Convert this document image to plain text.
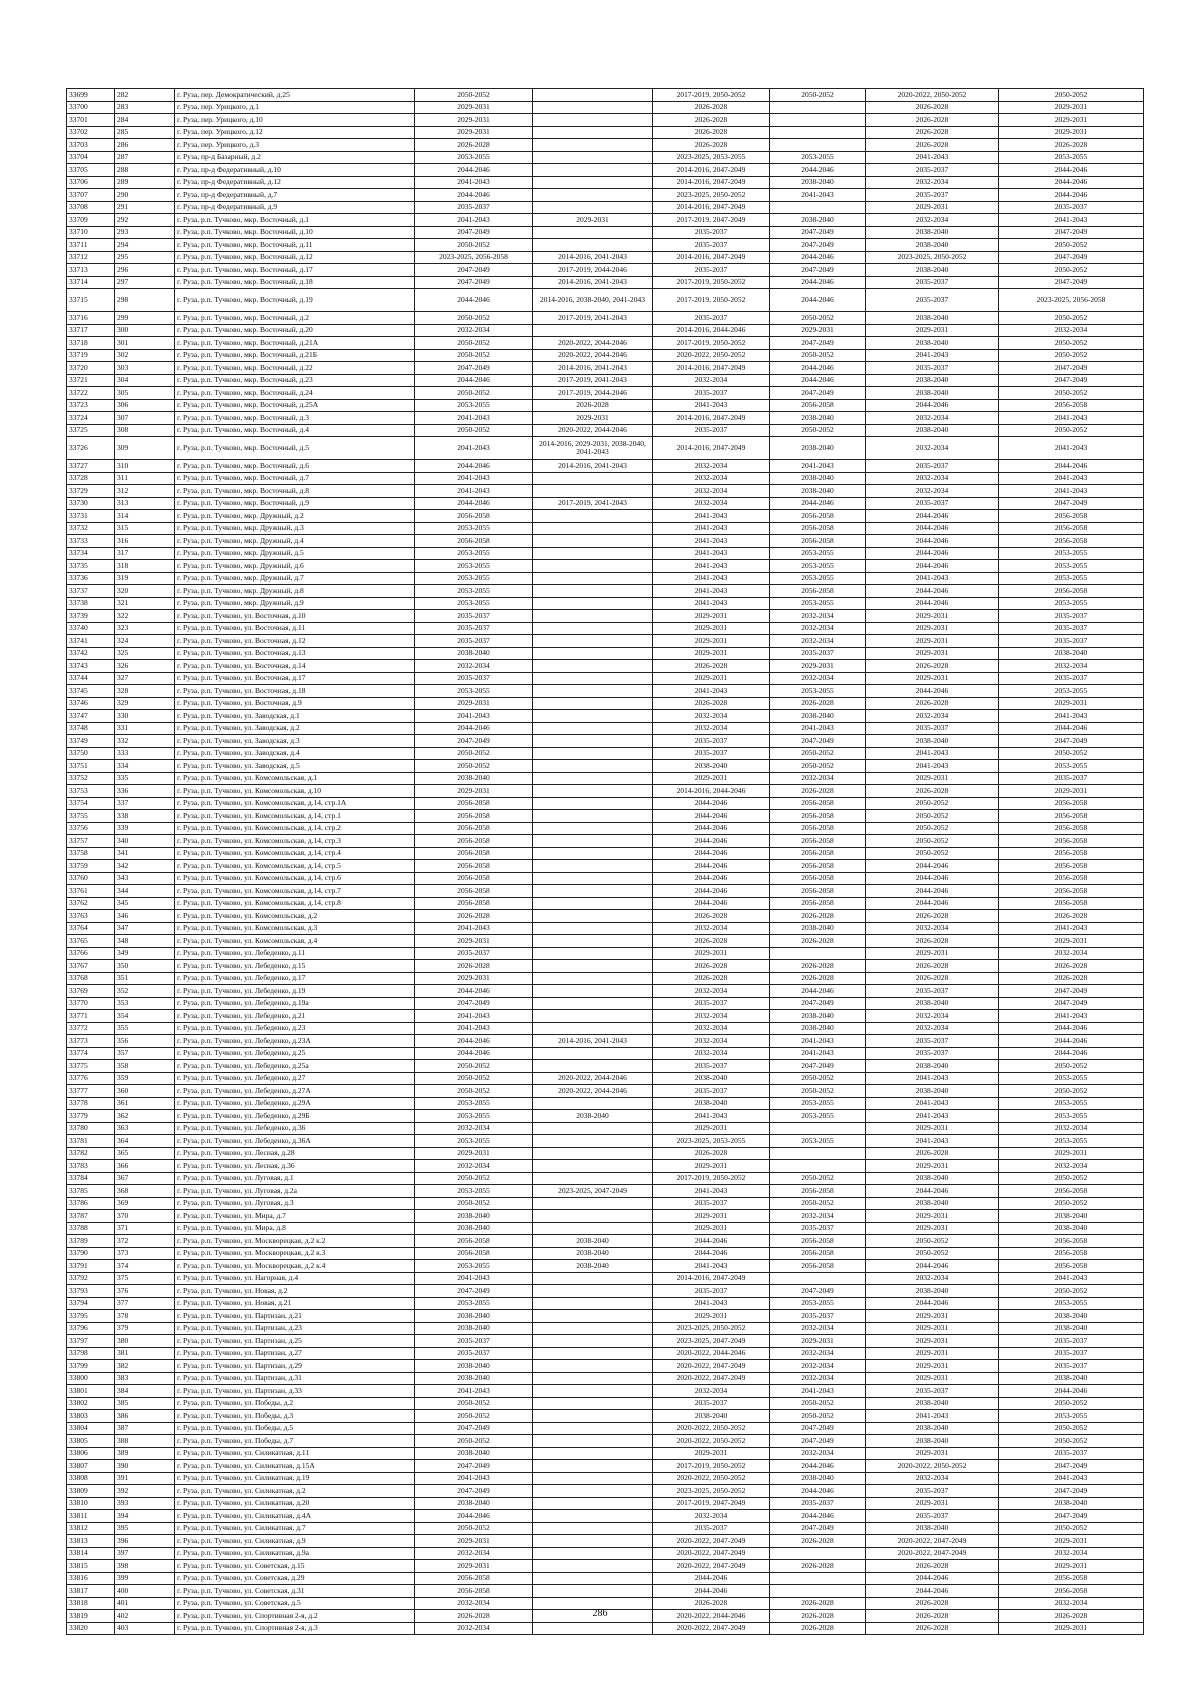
33699	282	г. Руза, пер. Демократический, д.25	2050-2052		2017-2019, 2050-2052	2050-2052	2020-2022, 2050-2052	2050-2052
33700	283	г. Руза, пер. Урицкого, д.1	2029-2031		2026-2028		2026-2028	2029-2031
33701	284	г. Руза, пер. Урицкого, д.10	2029-2031		2026-2028		2026-2028	2029-2031
33702	285	г. Руза, пер. Урицкого, д.12	2029-2031		2026-2028		2026-2028	2029-2031
33703	286	г. Руза, пер. Урицкого, д.3	2026-2028		2026-2028		2026-2028	2026-2028
33704	287	г. Руза, пр-д Базарный, д.2	2053-2055		2023-2025, 2053-2055	2053-2055	2041-2043	2053-2055
33705	288	г. Руза, пр-д Федеративный, д.10	2044-2046		2014-2016, 2047-2049	2044-2046	2035-2037	2044-2046
33706	289	г. Руза, пр-д Федеративный, д.12	2041-2043		2014-2016, 2047-2049	2038-2040	2032-2034	2044-2046
33707	290	г. Руза, пр-д Федеративный, д.7	2044-2046		2023-2025, 2050-2052	2041-2043	2035-2037	2044-2046
33708	291	г. Руза, пр-д Федеративный, д.9	2035-2037		2014-2016, 2047-2049		2029-2031	2035-2037
33709	292	г. Руза, р.п. Тучково, мкр. Восточный, д.1	2041-2043	2029-2031	2017-2019, 2047-2049	2038-2040	2032-2034	2041-2043
33710	293	г. Руза, р.п. Тучково, мкр. Восточный, д.10	2047-2049		2035-2037	2047-2049	2038-2040	2047-2049
33711	294	г. Руза, р.п. Тучково, мкр. Восточный, д.11	2050-2052		2035-2037	2047-2049	2038-2040	2050-2052
33712	295	г. Руза, р.п. Тучково, мкр. Восточный, д.12	2023-2025, 2056-2058	2014-2016, 2041-2043	2014-2016, 2047-2049	2044-2046	2023-2025, 2050-2052	2047-2049
33713	296	г. Руза, р.п. Тучково, мкр. Восточный, д.17	2047-2049	2017-2019, 2044-2046	2035-2037	2047-2049	2038-2040	2050-2052
33714	297	г. Руза, р.п. Тучково, мкр. Восточный, д.18	2047-2049	2014-2016, 2041-2043	2017-2019, 2050-2052	2044-2046	2035-2037	2047-2049
33715	298	г. Руза, р.п. Тучково, мкр. Восточный, д.19	2044-2046	2014-2016, 2038-2040, 2041-2043	2017-2019, 2050-2052	2044-2046	2035-2037	2023-2025, 2056-2058
33716	299	г. Руза, р.п. Тучково, мкр. Восточный, д.2	2050-2052	2017-2019, 2041-2043	2035-2037	2050-2052	2038-2040	2050-2052
33717	300	г. Руза, р.п. Тучково, мкр. Восточный, д.20	2032-2034		2014-2016, 2044-2046	2029-2031	2029-2031	2032-2034
33718	301	г. Руза, р.п. Тучково, мкр. Восточный, д.21А	2050-2052	2020-2022, 2044-2046	2017-2019, 2050-2052	2047-2049	2038-2040	2050-2052
33719	302	г. Руза, р.п. Тучково, мкр. Восточный, д.21Б	2050-2052	2020-2022, 2044-2046	2020-2022, 2050-2052	2050-2052	2041-2043	2050-2052
33720	303	г. Руза, р.п. Тучково, мкр. Восточный, д.22	2047-2049	2014-2016, 2041-2043	2014-2016, 2047-2049	2044-2046	2035-2037	2047-2049
33721	304	г. Руза, р.п. Тучково, мкр. Восточный, д.23	2044-2046	2017-2019, 2041-2043	2032-2034	2044-2046	2038-2040	2047-2049
33722	305	г. Руза, р.п. Тучково, мкр. Восточный, д.24	2050-2052	2017-2019, 2044-2046	2035-2037	2047-2049	2038-2040	2050-2052
33723	306	г. Руза, р.п. Тучково, мкр. Восточный, д.25А	2053-2055	2026-2028	2041-2043	2056-2058	2044-2046	2056-2058
33724	307	г. Руза, р.п. Тучково, мкр. Восточный, д.3	2041-2043	2029-2031	2014-2016, 2047-2049	2038-2040	2032-2034	2041-2043
33725	308	г. Руза, р.п. Тучково, мкр. Восточный, д.4	2050-2052	2020-2022, 2044-2046	2035-2037	2050-2052	2038-2040	2050-2052
33726	309	г. Руза, р.п. Тучково, мкр. Восточный, д.5	2041-2043	2014-2016, 2029-2031, 2038-2040, 2041-2043	2014-2016, 2047-2049	2038-2040	2032-2034	2041-2043
33727	310	г. Руза, р.п. Тучково, мкр. Восточный, д.6	2044-2046	2014-2016, 2041-2043	2032-2034	2041-2043	2035-2037	2044-2046
33728	311	г. Руза, р.п. Тучково, мкр. Восточный, д.7	2041-2043		2032-2034	2038-2040	2032-2034	2041-2043
33729	312	г. Руза, р.п. Тучково, мкр. Восточный, д.8	2041-2043		2032-2034	2038-2040	2032-2034	2041-2043
33730	313	г. Руза, р.п. Тучково, мкр. Восточный, д.9	2044-2046	2017-2019, 2041-2043	2032-2034	2044-2046	2035-2037	2047-2049
33731	314	г. Руза, р.п. Тучково, мкр. Дружный, д.2	2056-2058		2041-2043	2056-2058	2044-2046	2056-2058
33732	315	г. Руза, р.п. Тучково, мкр. Дружный, д.3	2053-2055		2041-2043	2056-2058	2044-2046	2056-2058
33733	316	г. Руза, р.п. Тучково, мкр. Дружный, д.4	2056-2058		2041-2043	2056-2058	2044-2046	2056-2058
33734	317	г. Руза, р.п. Тучково, мкр. Дружный, д.5	2053-2055		2041-2043	2053-2055	2044-2046	2053-2055
33735	318	г. Руза, р.п. Тучково, мкр. Дружный, д.6	2053-2055		2041-2043	2053-2055	2044-2046	2053-2055
33736	319	г. Руза, р.п. Тучково, мкр. Дружный, д.7	2053-2055		2041-2043	2053-2055	2041-2043	2053-2055
33737	320	г. Руза, р.п. Тучково, мкр. Дружный, д.8	2053-2055		2041-2043	2056-2058	2044-2046	2056-2058
33738	321	г. Руза, р.п. Тучково, мкр. Дружный, д.9	2053-2055		2041-2043	2053-2055	2044-2046	2053-2055
33739	322	г. Руза, р.п. Тучково, ул. Восточная, д.10	2035-2037		2029-2031	2032-2034	2029-2031	2035-2037
33740	323	г. Руза, р.п. Тучково, ул. Восточная, д.11	2035-2037		2029-2031	2032-2034	2029-2031	2035-2037
33741	324	г. Руза, р.п. Тучково, ул. Восточная, д.12	2035-2037		2029-2031	2032-2034	2029-2031	2035-2037
33742	325	г. Руза, р.п. Тучково, ул. Восточная, д.13	2038-2040		2029-2031	2035-2037	2029-2031	2038-2040
33743	326	г. Руза, р.п. Тучково, ул. Восточная, д.14	2032-2034		2026-2028	2029-2031	2026-2028	2032-2034
33744	327	г. Руза, р.п. Тучково, ул. Восточная, д.17	2035-2037		2029-2031	2032-2034	2029-2031	2035-2037
33745	328	г. Руза, р.п. Тучково, ул. Восточная, д.18	2053-2055		2041-2043	2053-2055	2044-2046	2053-2055
33746	329	г. Руза, р.п. Тучково, ул. Восточная, д.9	2029-2031		2026-2028	2026-2028	2026-2028	2029-2031
33747	330	г. Руза, р.п. Тучково, ул. Заводская, д.1	2041-2043		2032-2034	2038-2040	2032-2034	2041-2043
33748	331	г. Руза, р.п. Тучково, ул. Заводская, д.2	2044-2046		2032-2034	2041-2043	2035-2037	2044-2046
33749	332	г. Руза, р.п. Тучково, ул. Заводская, д.3	2047-2049		2035-2037	2047-2049	2038-2040	2047-2049
33750	333	г. Руза, р.п. Тучково, ул. Заводская, д.4	2050-2052		2035-2037	2050-2052	2041-2043	2050-2052
33751	334	г. Руза, р.п. Тучково, ул. Заводская, д.5	2050-2052		2038-2040	2050-2052	2041-2043	2053-2055
33752	335	г. Руза, р.п. Тучково, ул. Комсомольская, д.1	2038-2040		2029-2031	2032-2034	2029-2031	2035-2037
33753	336	г. Руза, р.п. Тучково, ул. Комсомольская, д.10	2029-2031		2014-2016, 2044-2046	2026-2028	2026-2028	2029-2031
33754	337	г. Руза, р.п. Тучково, ул. Комсомольская, д.14, стр.1А	2056-2058		2044-2046	2056-2058	2050-2052	2056-2058
33755	338	г. Руза, р.п. Тучково, ул. Комсомольская, д.14, стр.1	2056-2058		2044-2046	2056-2058	2050-2052	2056-2058
33756	339	г. Руза, р.п. Тучково, ул. Комсомольская, д.14, стр.2	2056-2058		2044-2046	2056-2058	2050-2052	2056-2058
33757	340	г. Руза, р.п. Тучково, ул. Комсомольская, д.14, стр.3	2056-2058		2044-2046	2056-2058	2050-2052	2056-2058
33758	341	г. Руза, р.п. Тучково, ул. Комсомольская, д.14, стр.4	2056-2058		2044-2046	2056-2058	2050-2052	2056-2058
33759	342	г. Руза, р.п. Тучково, ул. Комсомольская, д.14, стр.5	2056-2058		2044-2046	2056-2058	2044-2046	2056-2058
33760	343	г. Руза, р.п. Тучково, ул. Комсомольская, д.14, стр.6	2056-2058		2044-2046	2056-2058	2044-2046	2056-2058
33761	344	г. Руза, р.п. Тучково, ул. Комсомольская, д.14, стр.7	2056-2058		2044-2046	2056-2058	2044-2046	2056-2058
33762	345	г. Руза, р.п. Тучково, ул. Комсомольская, д.14, стр.8	2056-2058		2044-2046	2056-2058	2044-2046	2056-2058
33763	346	г. Руза, р.п. Тучково, ул. Комсомольская, д.2	2026-2028		2026-2028	2026-2028	2026-2028	2026-2028
33764	347	г. Руза, р.п. Тучково, ул. Комсомольская, д.3	2041-2043		2032-2034	2038-2040	2032-2034	2041-2043
33765	348	г. Руза, р.п. Тучково, ул. Комсомольская, д.4	2029-2031		2026-2028	2026-2028	2026-2028	2029-2031
33766	349	г. Руза, р.п. Тучково, ул. Лебеденко, д.11	2035-2037		2029-2031		2029-2031	2032-2034
33767	350	г. Руза, р.п. Тучково, ул. Лебеденко, д.15	2026-2028		2026-2028	2026-2028	2026-2028	2026-2028
33768	351	г. Руза, р.п. Тучково, ул. Лебеденко, д.17	2029-2031		2026-2028	2026-2028	2026-2028	2026-2028
33769	352	г. Руза, р.п. Тучково, ул. Лебеденко, д.19	2044-2046		2032-2034	2044-2046	2035-2037	2047-2049
33770	353	г. Руза, р.п. Тучково, ул. Лебеденко, д.19а	2047-2049		2035-2037	2047-2049	2038-2040	2047-2049
33771	354	г. Руза, р.п. Тучково, ул. Лебеденко, д.21	2041-2043		2032-2034	2038-2040	2032-2034	2041-2043
33772	355	г. Руза, р.п. Тучково, ул. Лебеденко, д.23	2041-2043		2032-2034	2038-2040	2032-2034	2044-2046
33773	356	г. Руза, р.п. Тучково, ул. Лебеденко, д.23А	2044-2046	2014-2016, 2041-2043	2032-2034	2041-2043	2035-2037	2044-2046
33774	357	г. Руза, р.п. Тучково, ул. Лебеденко, д.25	2044-2046		2032-2034	2041-2043	2035-2037	2044-2046
33775	358	г. Руза, р.п. Тучково, ул. Лебеденко, д.25а	2050-2052		2035-2037	2047-2049	2038-2040	2050-2052
33776	359	г. Руза, р.п. Тучково, ул. Лебеденко, д.27	2050-2052	2020-2022, 2044-2046	2038-2040	2050-2052	2041-2043	2053-2055
33777	360	г. Руза, р.п. Тучково, ул. Лебеденко, д.27А	2050-2052	2020-2022, 2044-2046	2035-2037	2050-2052	2038-2040	2050-2052
33778	361	г. Руза, р.п. Тучково, ул. Лебеденко, д.29А	2053-2055		2038-2040	2053-2055	2041-2043	2053-2055
33779	362	г. Руза, р.п. Тучково, ул. Лебеденко, д.29Б	2053-2055	2038-2040	2041-2043	2053-2055	2041-2043	2053-2055
33780	363	г. Руза, р.п. Тучково, ул. Лебеденко, д.36	2032-2034		2029-2031		2029-2031	2032-2034
33781	364	г. Руза, р.п. Тучково, ул. Лебеденко, д.36А	2053-2055		2023-2025, 2053-2055	2053-2055	2041-2043	2053-2055
33782	365	г. Руза, р.п. Тучково, ул. Лесная, д.28	2029-2031		2026-2028		2026-2028	2029-2031
33783	366	г. Руза, р.п. Тучково, ул. Лесная, д.36	2032-2034		2029-2031		2029-2031	2032-2034
33784	367	г. Руза, р.п. Тучково, ул. Луговая, д.1	2050-2052		2017-2019, 2050-2052	2050-2052	2038-2040	2050-2052
33785	368	г. Руза, р.п. Тучково, ул. Луговая, д.2а	2053-2055	2023-2025, 2047-2049	2041-2043	2056-2058	2044-2046	2056-2058
33786	369	г. Руза, р.п. Тучково, ул. Луговая, д.3	2050-2052		2035-2037	2050-2052	2038-2040	2050-2052
33787	370	г. Руза, р.п. Тучково, ул. Мира, д.7	2038-2040		2029-2031	2032-2034	2029-2031	2038-2040
33788	371	г. Руза, р.п. Тучково, ул. Мира, д.8	2038-2040		2029-2031	2035-2037	2029-2031	2038-2040
33789	372	г. Руза, р.п. Тучково, ул. Москворецкая, д.2 к.2	2056-2058	2038-2040	2044-2046	2056-2058	2050-2052	2056-2058
33790	373	г. Руза, р.п. Тучково, ул. Москворецкая, д.2 к.3	2056-2058	2038-2040	2044-2046	2056-2058	2050-2052	2056-2058
33791	374	г. Руза, р.п. Тучково, ул. Москворецкая, д.2 к.4	2053-2055	2038-2040	2041-2043	2056-2058	2044-2046	2056-2058
33792	375	г. Руза, р.п. Тучково, ул. Нагорная, д.4	2041-2043		2014-2016, 2047-2049		2032-2034	2041-2043
33793	376	г. Руза, р.п. Тучково, ул. Новая, д.2	2047-2049		2035-2037	2047-2049	2038-2040	2050-2052
33794	377	г. Руза, р.п. Тучково, ул. Новая, д.21	2053-2055		2041-2043	2053-2055	2044-2046	2053-2055
33795	378	г. Руза, р.п. Тучково, ул. Партизан, д.21	2038-2040		2029-2031	2035-2037	2029-2031	2038-2040
33796	379	г. Руза, р.п. Тучково, ул. Партизан, д.23	2038-2040		2023-2025, 2050-2052	2032-2034	2029-2031	2038-2040
33797	380	г. Руза, р.п. Тучково, ул. Партизан, д.25	2035-2037		2023-2025, 2047-2049	2029-2031	2029-2031	2035-2037
33798	381	г. Руза, р.п. Тучково, ул. Партизан, д.27	2035-2037		2020-2022, 2044-2046	2032-2034	2029-2031	2035-2037
33799	382	г. Руза, р.п. Тучково, ул. Партизан, д.29	2038-2040		2020-2022, 2047-2049	2032-2034	2029-2031	2035-2037
33800	383	г. Руза, р.п. Тучково, ул. Партизан, д.31	2038-2040		2020-2022, 2047-2049	2032-2034	2029-2031	2038-2040
33801	384	г. Руза, р.п. Тучково, ул. Партизан, д.33	2041-2043		2032-2034	2041-2043	2035-2037	2044-2046
33802	385	г. Руза, р.п. Тучково, ул. Победы, д.2	2050-2052		2035-2037	2050-2052	2038-2040	2050-2052
33803	386	г. Руза, р.п. Тучково, ул. Победы, д.3	2050-2052		2038-2040	2050-2052	2041-2043	2053-2055
33804	387	г. Руза, р.п. Тучково, ул. Победы, д.5	2047-2049		2020-2022, 2050-2052	2047-2049	2038-2040	2050-2052
33805	388	г. Руза, р.п. Тучково, ул. Победы, д.7	2050-2052		2020-2022, 2050-2052	2047-2049	2038-2040	2050-2052
33806	389	г. Руза, р.п. Тучково, ул. Силикатная, д.11	2038-2040		2029-2031	2032-2034	2029-2031	2035-2037
33807	390	г. Руза, р.п. Тучково, ул. Силикатная, д.15А	2047-2049		2017-2019, 2050-2052	2044-2046	2020-2022, 2050-2052	2047-2049
33808	391	г. Руза, р.п. Тучково, ул. Силикатная, д.19	2041-2043		2020-2022, 2050-2052	2038-2040	2032-2034	2041-2043
33809	392	г. Руза, р.п. Тучково, ул. Силикатная, д.2	2047-2049		2023-2025, 2050-2052	2044-2046	2035-2037	2047-2049
33810	393	г. Руза, р.п. Тучково, ул. Силикатная, д.20	2038-2040		2017-2019, 2047-2049	2035-2037	2029-2031	2038-2040
33811	394	г. Руза, р.п. Тучково, ул. Силикатная, д.4А	2044-2046		2032-2034	2044-2046	2035-2037	2047-2049
33812	395	г. Руза, р.п. Тучково, ул. Силикатная, д.7	2050-2052		2035-2037	2047-2049	2038-2040	2050-2052
33813	396	г. Руза, р.п. Тучково, ул. Силикатная, д.9	2029-2031		2020-2022, 2047-2049	2026-2028	2020-2022, 2047-2049	2029-2031
33814	397	г. Руза, р.п. Тучково, ул. Силикатная, д.9а	2032-2034		2020-2022, 2047-2049		2020-2022, 2047-2049	2032-2034
33815	398	г. Руза, р.п. Тучково, ул. Советская, д.15	2029-2031		2020-2022, 2047-2049	2026-2028	2026-2028	2029-2031
33816	399	г. Руза, р.п. Тучково, ул. Советская, д.29	2056-2058		2044-2046		2044-2046	2056-2058
33817	400	г. Руза, р.п. Тучково, ул. Советская, д.31	2056-2058		2044-2046		2044-2046	2056-2058
33818	401	г. Руза, р.п. Тучково, ул. Советская, д.5	2032-2034		2026-2028	2026-2028	2026-2028	2032-2034
33819	402	г. Руза, р.п. Тучково, ул. Спортивная 2-я, д.2	2026-2028		2020-2022, 2044-2046	2026-2028	2026-2028	2026-2028
33820	403	г. Руза, р.п. Тучково, ул. Спортивная 2-я, д.3	2032-2034		2020-2022, 2047-2049	2026-2028	2026-2028	2029-2031
286
